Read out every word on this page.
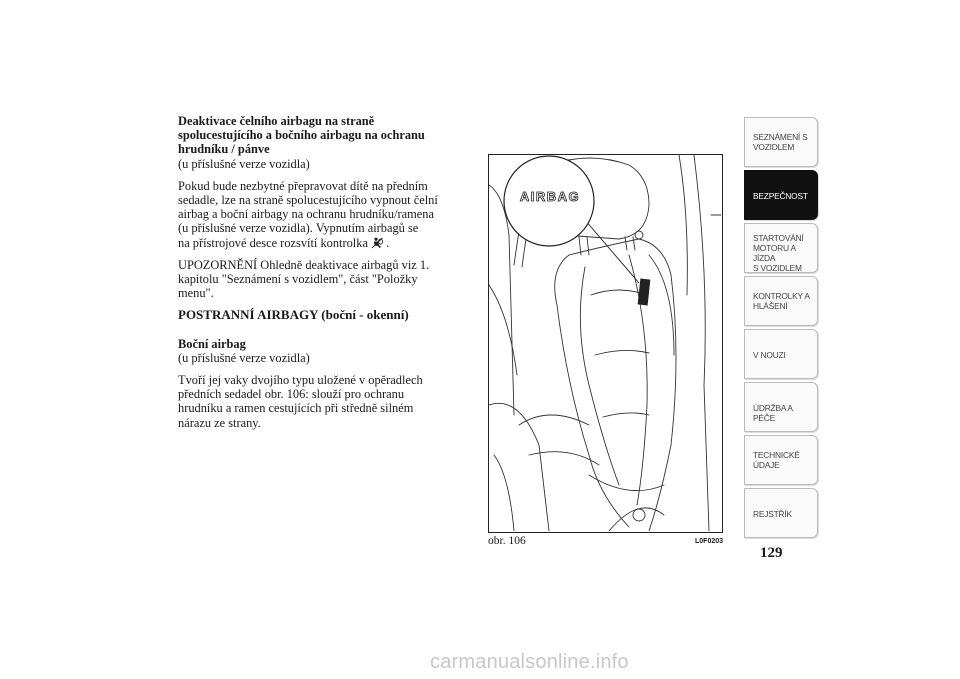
Deaktivace čelního airbagu na straně
spolucestujícího a bočního airbagu na ochranu
hrudníku / pánve
(u příslušné verze vozidla)

Pokud bude nezbytné přepravovat dítě na předním
sedadle, lze na straně spolucestujícího vypnout čelní
airbag a boční airbagy na ochranu hrudníku/ramena
(u příslušné verze vozidla). Vypnutím airbagů se
na přístrojové desce rozsvítí kontrolka .

UPOZORNĚNÍ Ohledně deaktivace airbagů viz 1.
kapitolu "Seznámení s vozidlem", část "Položky
menu".

POSTRANNÍ AIRBAGY (boční - okenní)

Boční airbag
(u příslušné verze vozidla)

Tvoří jej vaky dvojího typu uložené v opěradlech
předních sedadel obr. 106: slouží pro ochranu
hrudníku a ramen cestujících při středně silném
nárazu ze strany.

AIRBAG
obr. 106	L0F0203
SEZNÁMENÍ S
VOZIDLEM
BEZPEČNOST
STARTOVÁNÍ
MOTORU A JÍZDA
S VOZIDLEM
KONTROLKY A
HLÁŠENÍ
V NOUZI
ÚDRŽBA A PÉČE
TECHNICKÉ
ÚDAJE
REJSTŘÍK
129
carmanualsonline.info
